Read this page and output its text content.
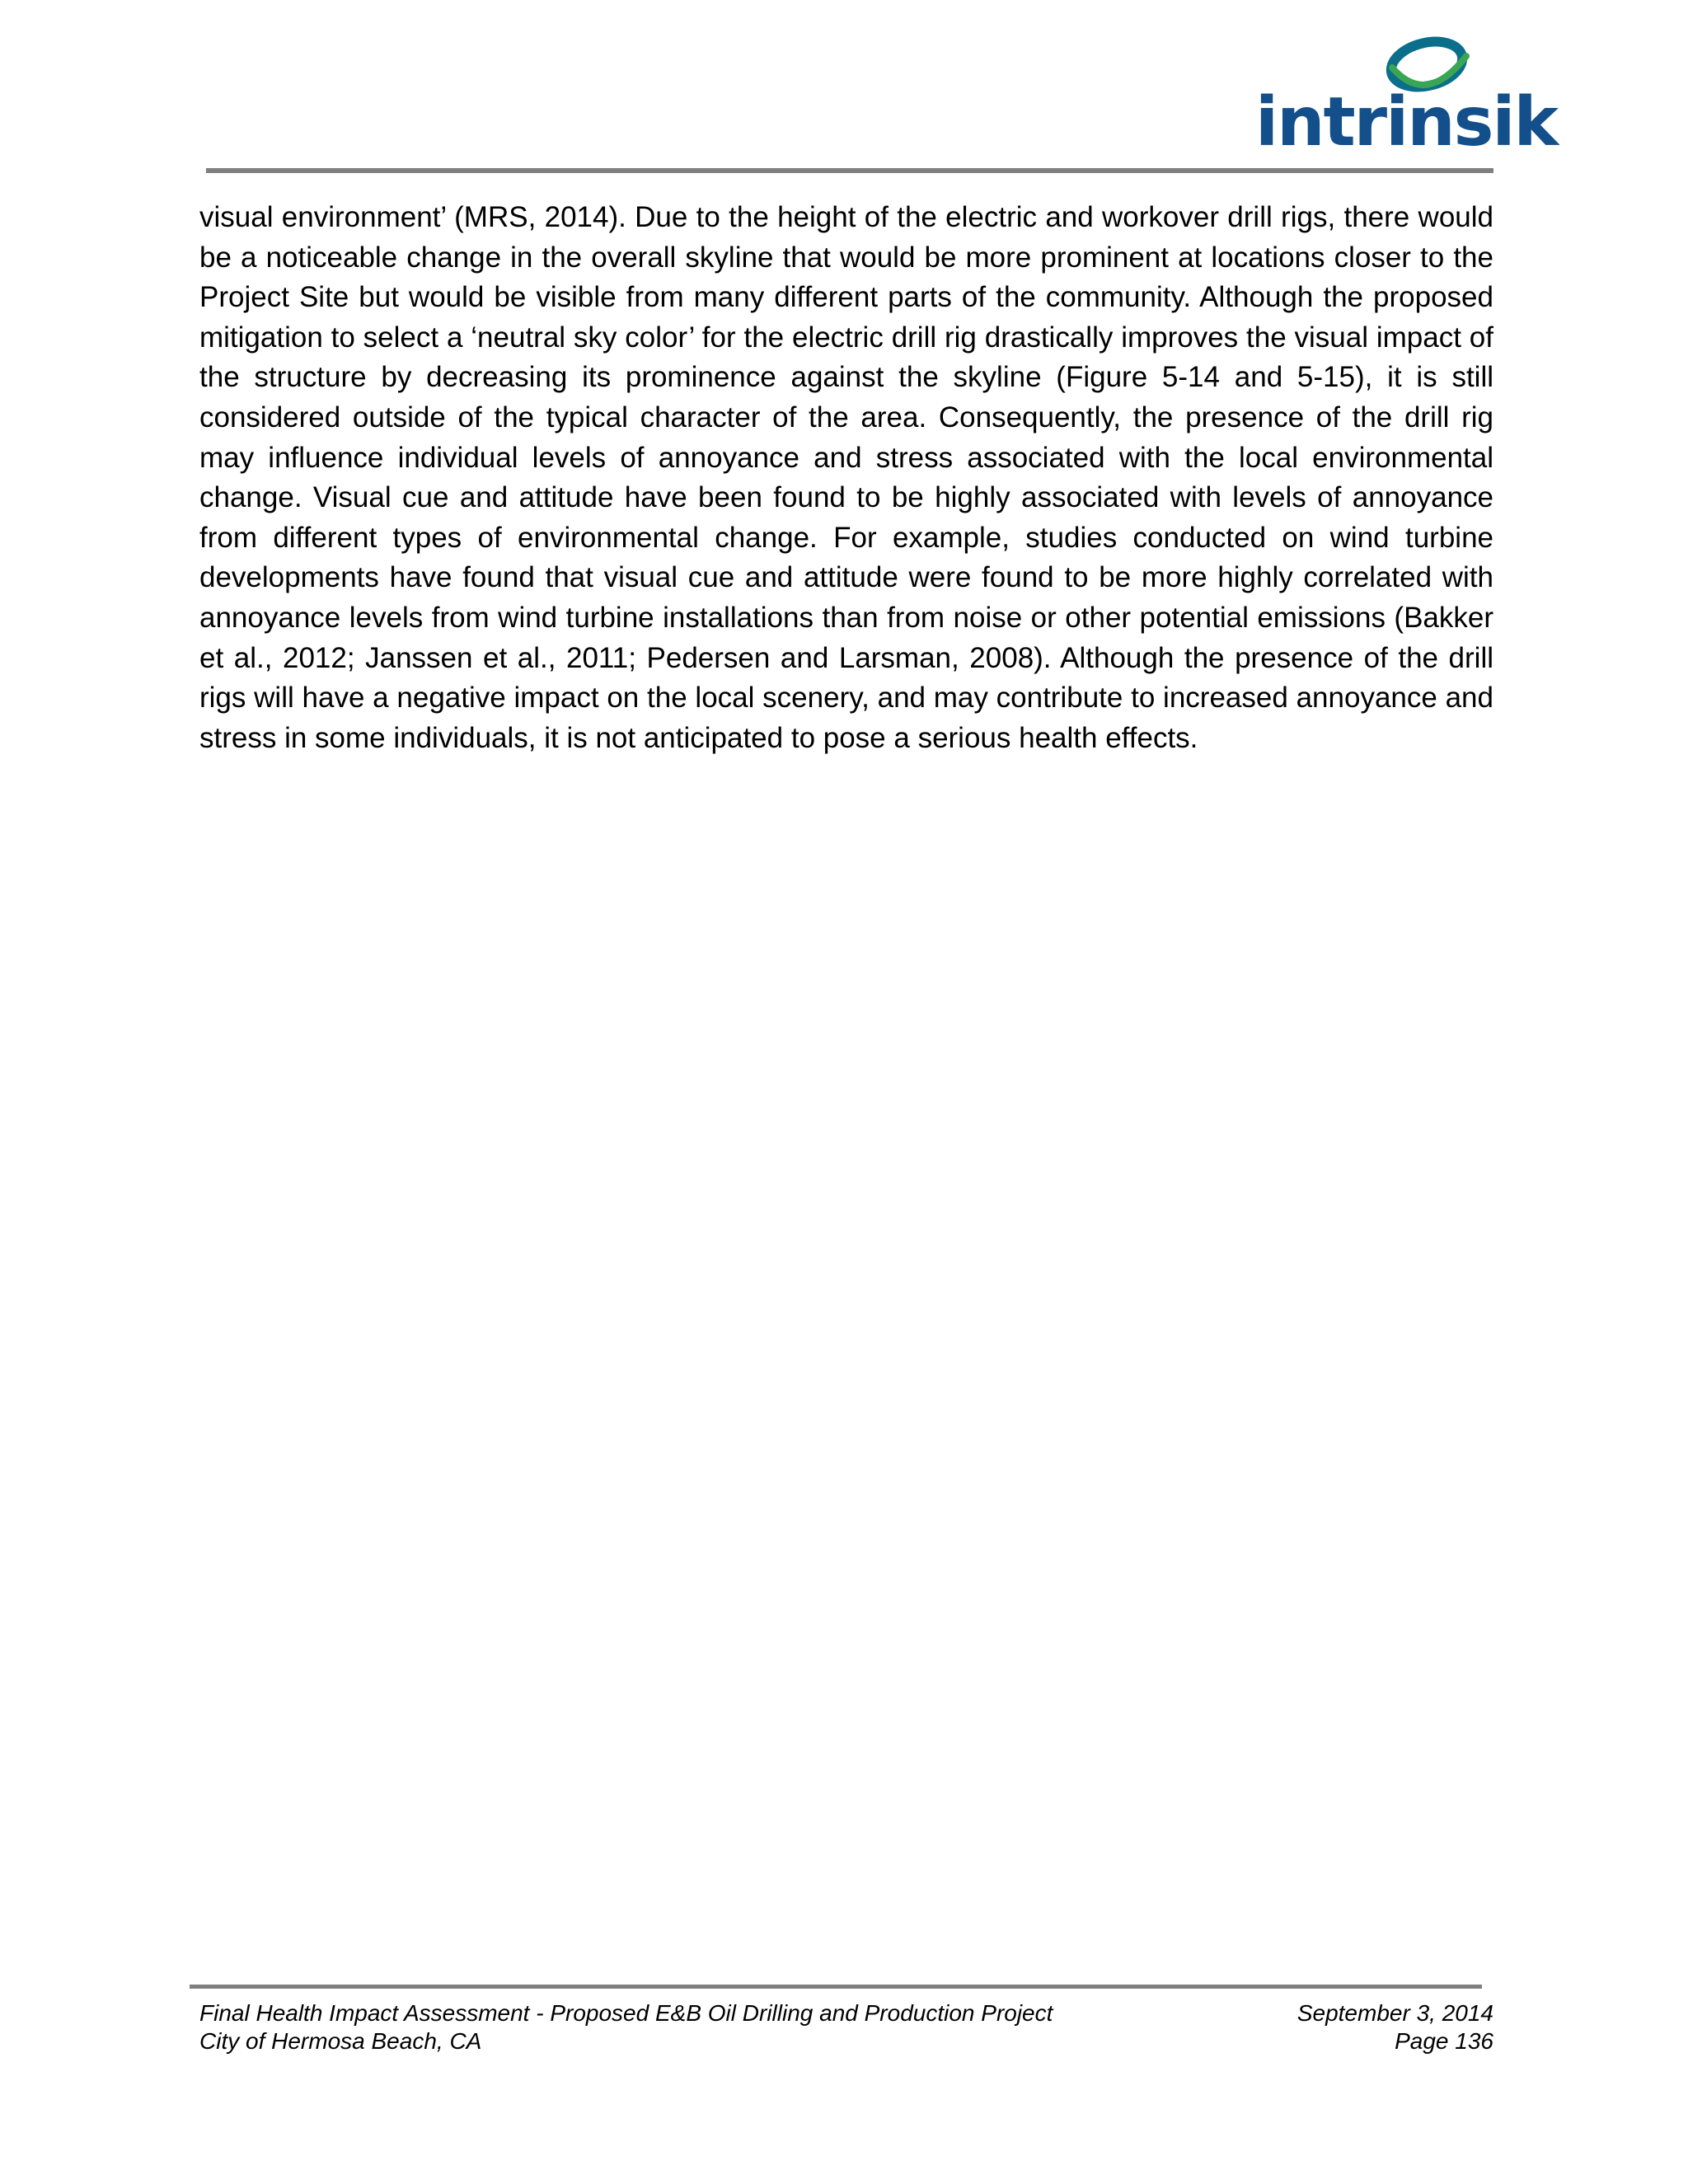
intrinsik

visual environment’ (MRS, 2014). Due to the height of the electric and workover drill rigs, there would be a noticeable change in the overall skyline that would be more prominent at locations closer to the Project Site but would be visible from many different parts of the community. Although the proposed mitigation to select a ‘neutral sky color’ for the electric drill rig drastically improves the visual impact of the structure by decreasing its prominence against the skyline (Figure 5-14 and 5-15), it is still considered outside of the typical character of the area. Consequently, the presence of the drill rig may influence individual levels of annoyance and stress associated with the local environmental change. Visual cue and attitude have been found to be highly associated with levels of annoyance from different types of environmental change. For example, studies conducted on wind turbine developments have found that visual cue and attitude were found to be more highly correlated with annoyance levels from wind turbine installations than from noise or other potential emissions (Bakker et al., 2012; Janssen et al., 2011; Pedersen and Larsman, 2008). Although the presence of the drill rigs will have a negative impact on the local scenery, and may contribute to increased annoyance and stress in some individuals, it is not anticipated to pose a serious health effects.

Final Health Impact Assessment - Proposed E&B Oil Drilling and Production Project	September 3, 2014
City of Hermosa Beach, CA	Page 136
